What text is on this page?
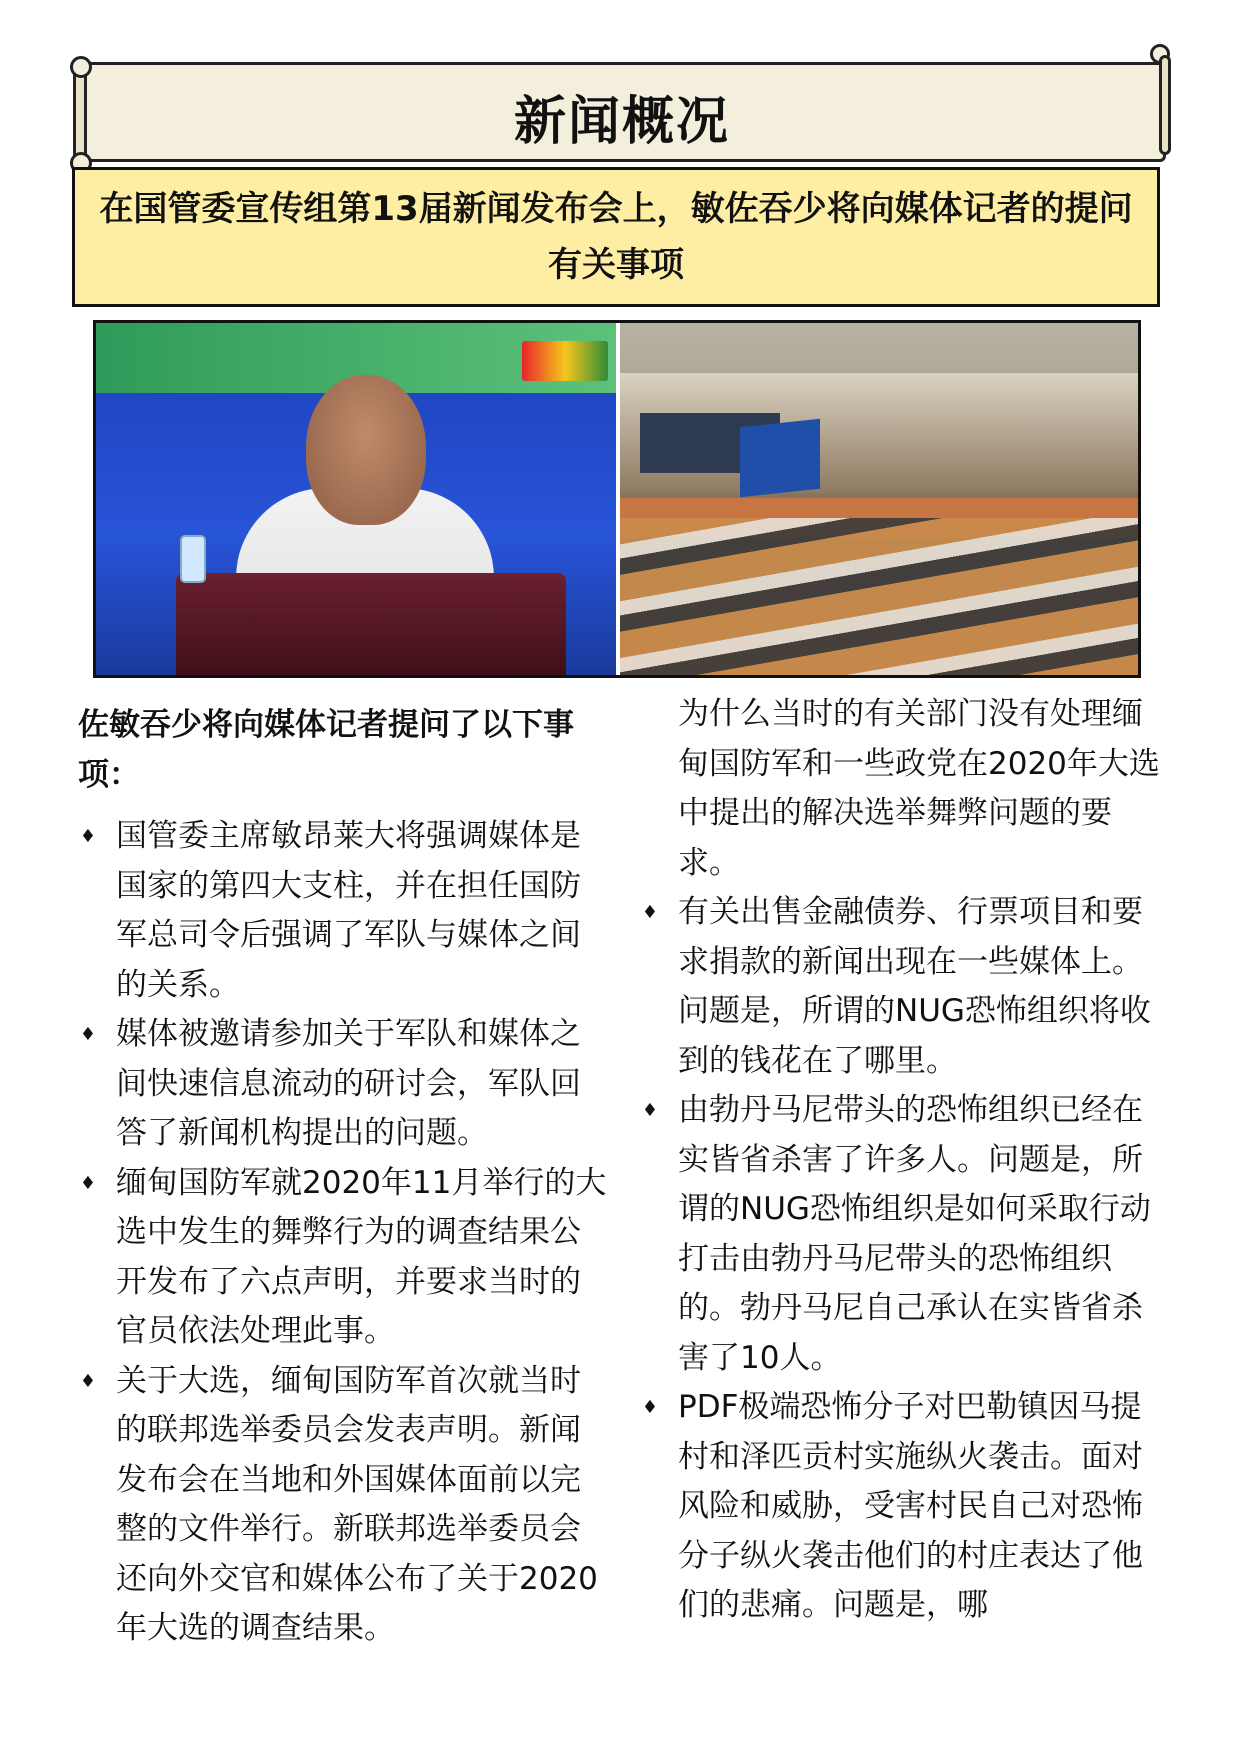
新闻概况
在国管委宣传组第13届新闻发布会上，敏佐吞少将向媒体记者的提问有关事项

佐敏吞少将向媒体记者提问了以下事项：

♦ 国管委主席敏昂莱大将强调媒体是国家的第四大支柱，并在担任国防军总司令后强调了军队与媒体之间的关系。
♦ 媒体被邀请参加关于军队和媒体之间快速信息流动的研讨会，军队回答了新闻机构提出的问题。
♦ 缅甸国防军就2020年11月举行的大选中发生的舞弊行为的调查结果公开发布了六点声明，并要求当时的官员依法处理此事。
♦ 关于大选，缅甸国防军首次就当时的联邦选举委员会发表声明。新闻发布会在当地和外国媒体面前以完整的文件举行。新联邦选举委员会还向外交官和媒体公布了关于2020年大选的调查结果。
为什么当时的有关部门没有处理缅甸国防军和一些政党在2020年大选中提出的解决选举舞弊问题的要求。
♦ 有关出售金融债券、行票项目和要求捐款的新闻出现在一些媒体上。问题是，所谓的NUG恐怖组织将收到的钱花在了哪里。
♦ 由勃丹马尼带头的恐怖组织已经在实皆省杀害了许多人。问题是，所谓的NUG恐怖组织是如何采取行动打击由勃丹马尼带头的恐怖组织的。勃丹马尼自己承认在实皆省杀害了10人。
♦ PDF极端恐怖分子对巴勒镇因马提村和泽匹贡村实施纵火袭击。面对风险和威胁，受害村民自己对恐怖分子纵火袭击他们的村庄表达了他们的悲痛。问题是，哪
